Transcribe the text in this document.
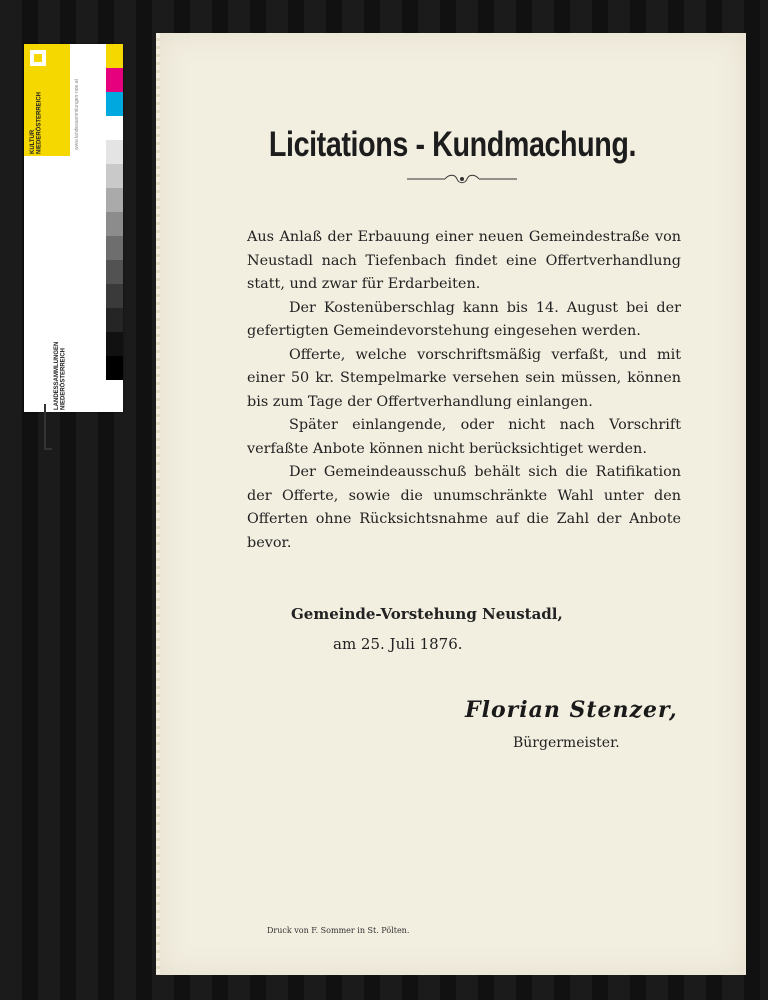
KULTUR NIEDERÖSTERREICH	www.landessammlungen-noe.at
LANDESSAMMLUNGEN NIEDERÖSTERREICH
Licitations - Kundmachung.

Aus Anlaß der Erbauung einer neuen Gemeindestraße von Neustadl nach Tiefenbach findet eine Offertverhandlung statt, und zwar für Erdarbeiten.

Der Kostenüberschlag kann bis 14. August bei der gefertigten Gemeindevorstehung eingesehen werden.

Offerte, welche vorschriftsmäßig verfaßt, und mit einer 50 kr. Stempelmarke versehen sein müssen, können bis zum Tage der Offertverhandlung einlangen.

Später einlangende, oder nicht nach Vorschrift verfaßte Anbote können nicht berücksichtiget werden.

Der Gemeindeausschuß behält sich die Ratifikation der Offerte, sowie die unumschränkte Wahl unter den Offerten ohne Rücksichtsnahme auf die Zahl der Anbote bevor.

Gemeinde-Vorstehung Neustadl,
am 25. Juli 1876.
Florian Stenzer,
Bürgermeister.
Druck von F. Sommer in St. Pölten.
